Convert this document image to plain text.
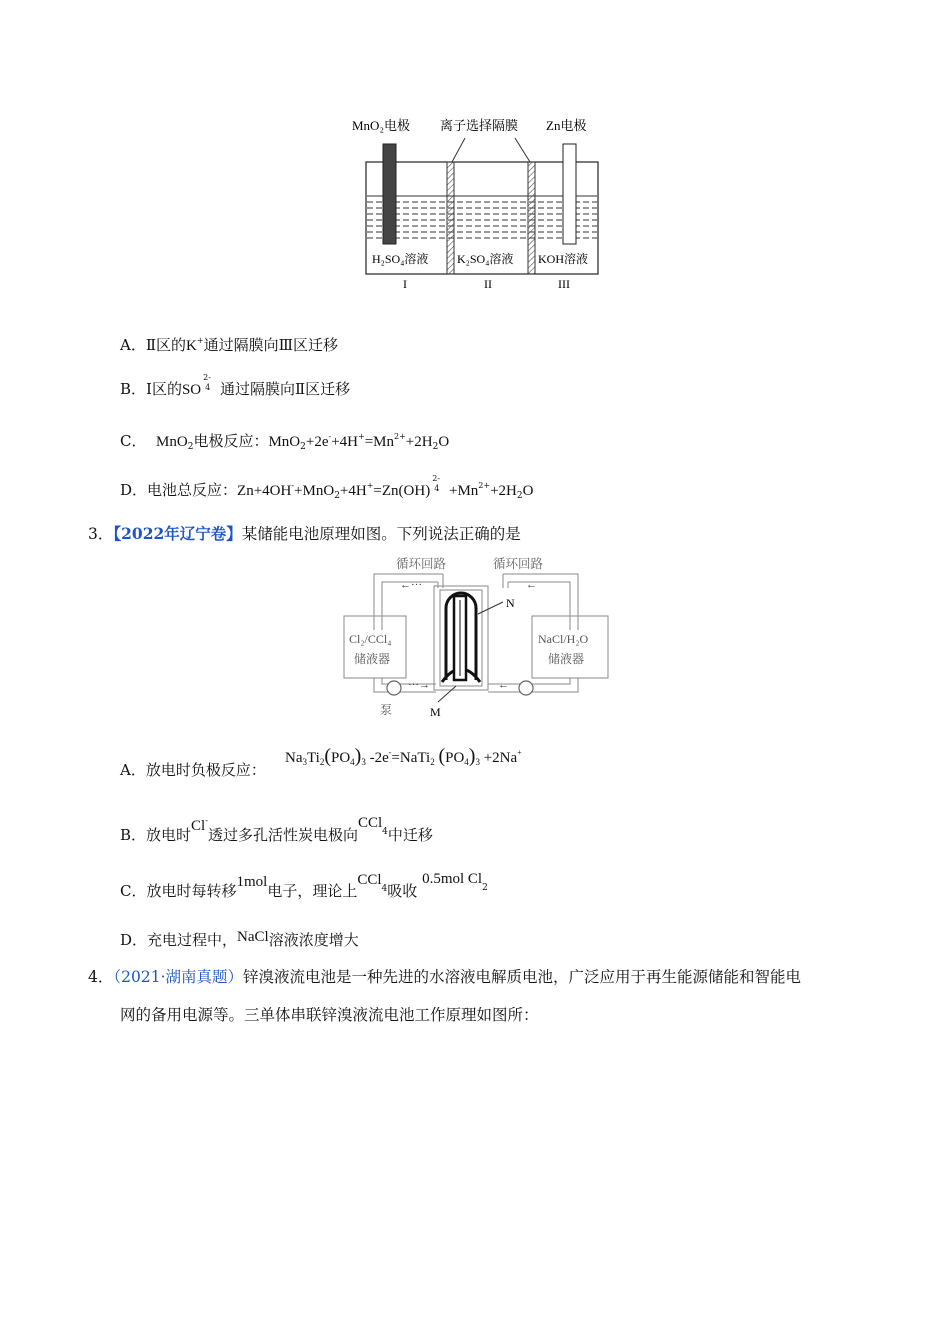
MnO₂电极 离子选择隔膜 Zn电极
H₂SO₄溶液 K₂SO₄溶液 KOH溶液
I	II	III
A．Ⅱ区的K+通过隔膜向Ⅲ区迁移
B．Ⅰ区的SO
2-
4 通过隔膜向Ⅱ区迁移
C． MnO$_2$电极反应：$MnO_2+2e^-+4H^+=Mn^{2+}+2H_2O$
D．电池总反应：Zn+4OH-+MnO$_2$+4H+=Zn(OH)
2-
$4 +Mn^{2+}+2H_2O$
3．【2022年辽宁卷】某储能电池原理如图。下列说法正确的是
循环回路	循环回路
←···	←
···→	←
N
M
泵
Cl₂/CCl₄
储液器
NaCl/H₂O
储液器
A．放电时负极反应：
$Na_3Ti_2(PO_4)_3$ -2e-=NaTi$_2$ $(PO_4)_3 +2Na^+$
B．放电时Cl-透过多孔活性炭电极向CCl$^4$中迁移
C．放电时每转移1mol电子，理论上CCl$^4$吸收 0.5mol Cl$^2$
D．充电过程中，NaCl溶液浓度增大
4．（2021·湖南真题）锌溴液流电池是一种先进的水溶液电解质电池，广泛应用于再生能源储能和智能电
网的备用电源等。三单体串联锌溴液流电池工作原理如图所：
